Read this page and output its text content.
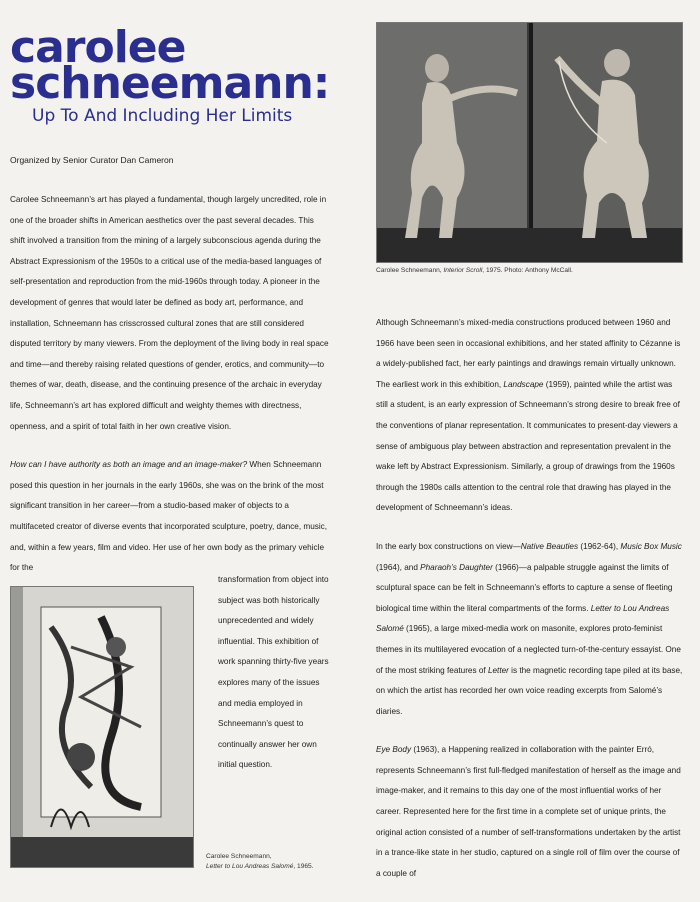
carolee
schneemann:
Up To And Including Her Limits
Organized by Senior Curator Dan Cameron

Carolee Schneemann’s art has played a fundamental, though largely uncredited, role in one of the broader shifts in American aesthetics over the past several decades. This shift involved a transition from the mining of a largely subconscious agenda during the Abstract Expressionism of the 1950s to a critical use of the media-based languages of self-presentation and reproduction from the mid-1960s through today. A pioneer in the development of genres that would later be defined as body art, performance, and installation, Schneemann has crisscrossed cultural zones that are still considered disputed territory by many viewers. From the deployment of the living body in real space and time—and thereby raising related questions of gender, erotics, and community—to themes of war, death, disease, and the continuing presence of the archaic in everyday life, Schneemann’s art has explored difficult and weighty themes with directness, openness, and a spirit of total faith in her own creative vision.

How can I have authority as both an image and an image-maker? When Schneemann posed this question in her journals in the early 1960s, she was on the brink of the most significant transition in her career—from a studio-based maker of objects to a multifaceted creator of diverse events that incorporated sculpture, poetry, dance, music, and, within a few years, film and video. Her use of her own body as the primary vehicle for the

transformation from object into subject was both historically unprecedented and widely influential. This exhibition of work spanning thirty-five years explores many of the issues and media employed in Schneemann’s quest to continually answer her own initial question.
Carolee Schneemann, Interior Scroll, 1975. Photo: Anthony McCall.
Carolee Schneemann,
Letter to Lou Andreas Salomé, 1965.

Although Schneemann’s mixed-media constructions produced between 1960 and 1966 have been seen in occasional exhibitions, and her stated affinity to Cézanne is a widely-published fact, her early paintings and drawings remain virtually unknown. The earliest work in this exhibition, Landscape (1959), painted while the artist was still a student, is an early expression of Schneemann’s strong desire to break free of the conventions of planar representation. It communicates to present-day viewers a sense of ambiguous play between abstraction and representation prevalent in the wake left by Abstract Expressionism. Similarly, a group of drawings from the 1960s through the 1980s calls attention to the central role that drawing has played in the development of Schneemann’s ideas.

In the early box constructions on view—Native Beauties (1962-64), Music Box Music (1964), and Pharaoh’s Daughter (1966)—a palpable struggle against the limits of sculptural space can be felt in Schneemann’s efforts to capture a sense of fleeting biological time within the literal compartments of the forms. Letter to Lou Andreas Salomé (1965), a large mixed-media work on masonite, explores proto-feminist themes in its multilayered evocation of a neglected turn-of-the-century essayist. One of the most striking features of Letter is the magnetic recording tape piled at its base, on which the artist has recorded her own voice reading excerpts from Salomé’s diaries.

Eye Body (1963), a Happening realized in collaboration with the painter Erró, represents Schneemann’s first full-fledged manifestation of herself as the image and image-maker, and it remains to this day one of the most influential works of her career. Represented here for the first time in a complete set of unique prints, the original action consisted of a number of self-transformations undertaken by the artist in a trance-like state in her studio, captured on a single roll of film over the course of a couple of
